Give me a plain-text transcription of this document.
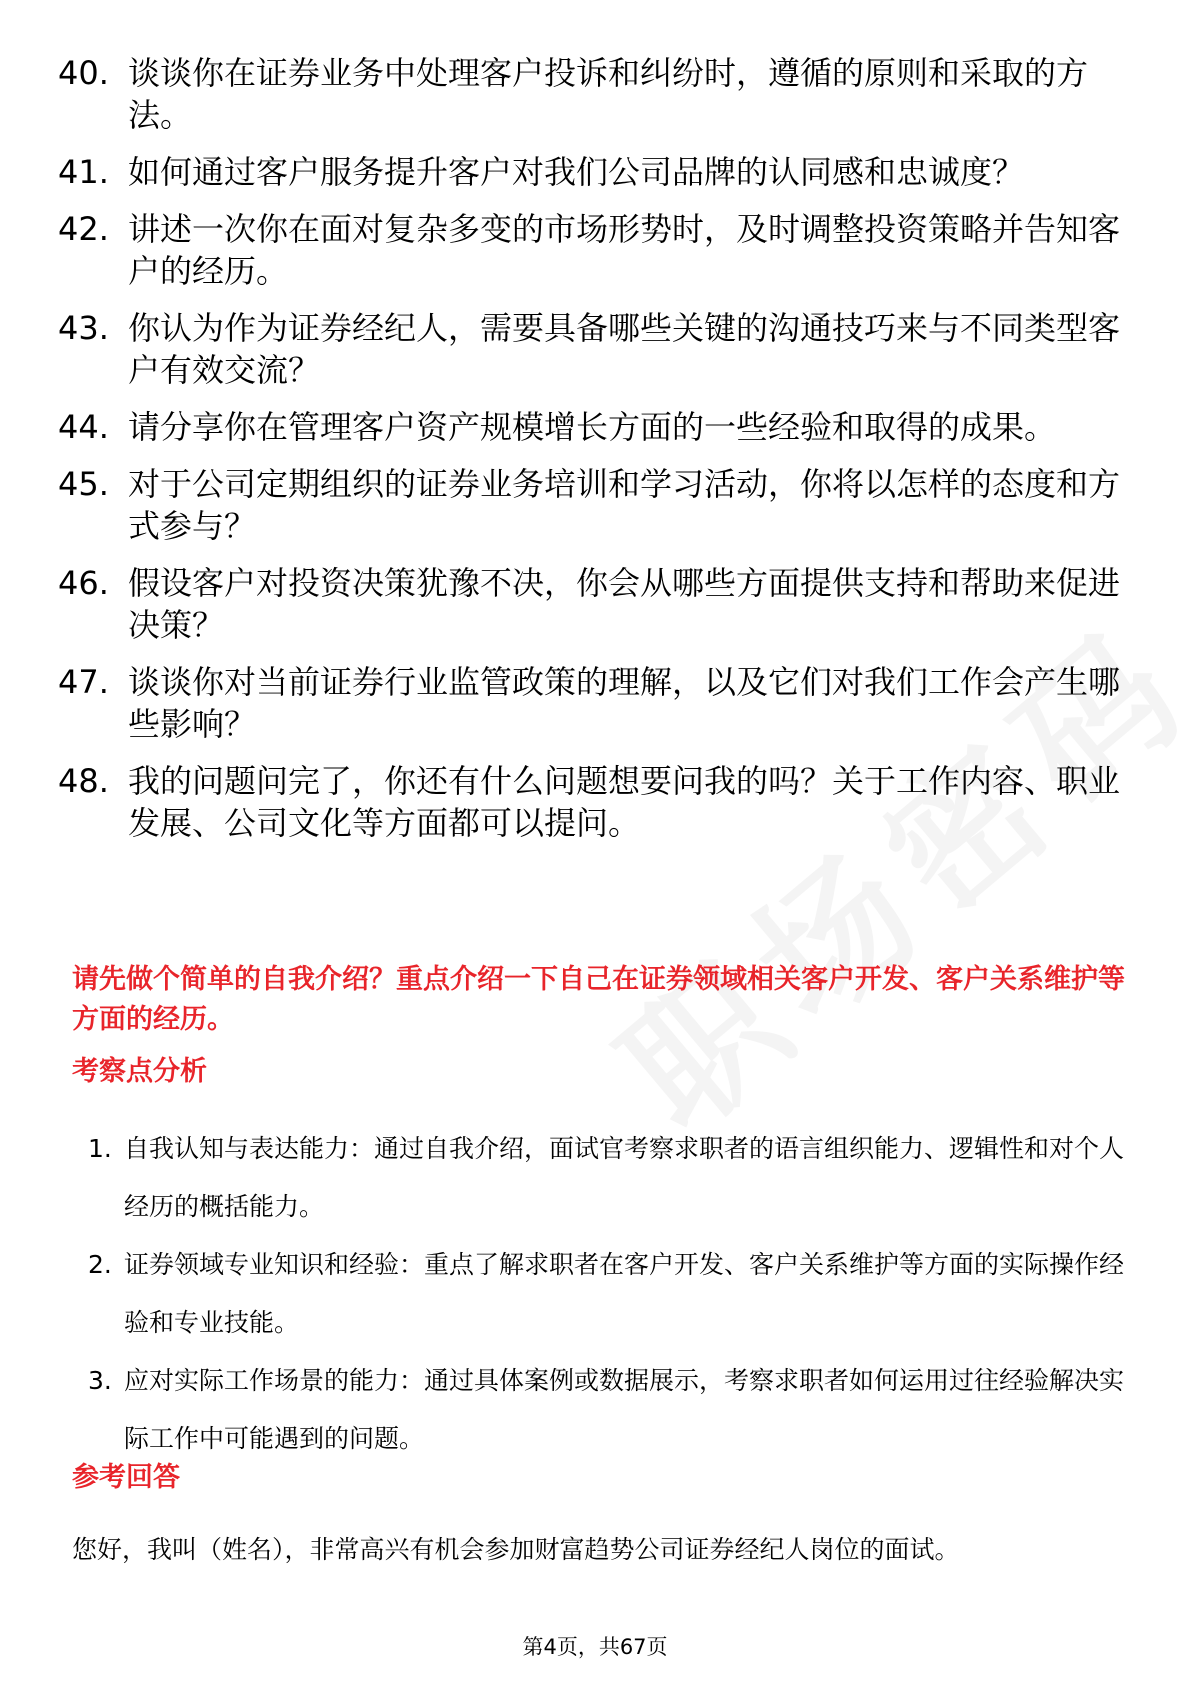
40. 谈谈你在证券业务中处理客户投诉和纠纷时，遵循的原则和采取的方法。
41. 如何通过客户服务提升客户对我们公司品牌的认同感和忠诚度？
42. 讲述一次你在面对复杂多变的市场形势时，及时调整投资策略并告知客户的经历。
43. 你认为作为证券经纪人，需要具备哪些关键的沟通技巧来与不同类型客户有效交流？
44. 请分享你在管理客户资产规模增长方面的一些经验和取得的成果。
45. 对于公司定期组织的证券业务培训和学习活动，你将以怎样的态度和方式参与？
46. 假设客户对投资决策犹豫不决，你会从哪些方面提供支持和帮助来促进决策？
47. 谈谈你对当前证券行业监管政策的理解，以及它们对我们工作会产生哪些影响？
48. 我的问题问完了，你还有什么问题想要问我的吗？关于工作内容、职业发展、公司文化等方面都可以提问。

请先做个简单的自我介绍？重点介绍一下自己在证券领域相关客户开发、客户关系维护等方面的经历。

考察点分析
1. 自我认知与表达能力：通过自我介绍，面试官考察求职者的语言组织能力、逻辑性和对个人经历的概括能力。
2. 证券领域专业知识和经验：重点了解求职者在客户开发、客户关系维护等方面的实际操作经验和专业技能。
3. 应对实际工作场景的能力：通过具体案例或数据展示，考察求职者如何运用过往经验解决实际工作中可能遇到的问题。
参考回答

您好，我叫（姓名），非常高兴有机会参加财富趋势公司证券经纪人岗位的面试。

第4页，共67页
